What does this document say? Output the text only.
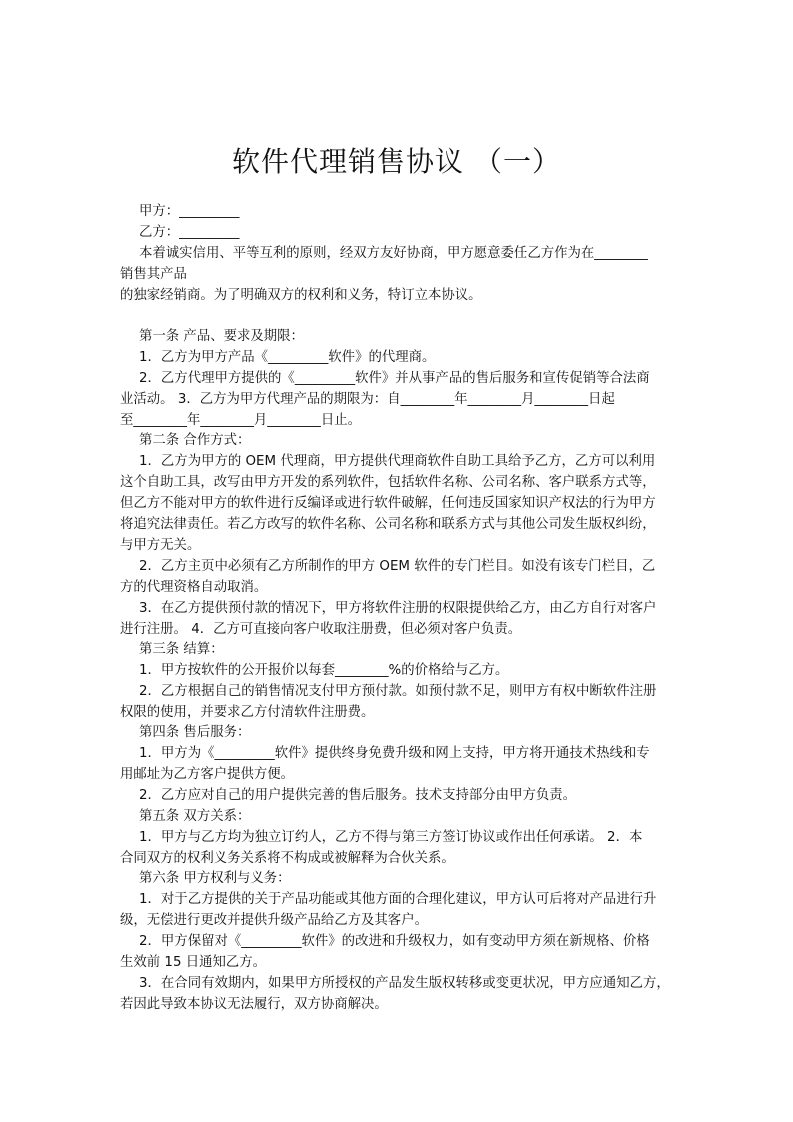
软件代理销售协议 （一）
甲方：_________
乙方：_________
本着诚实信用、平等互利的原则，经双方友好协商，甲方愿意委任乙方作为在________
销售其产品
的独家经销商。为了明确双方的权利和义务，特订立本协议。
第一条 产品、要求及期限：
1．乙方为甲方产品《_________软件》的代理商。
2．乙方代理甲方提供的《_________软件》并从事产品的售后服务和宣传促销等合法商
业活动。 3．乙方为甲方代理产品的期限为：自________年________月________日起
至________年________月________日止。
第二条 合作方式：
1．乙方为甲方的 OEM 代理商，甲方提供代理商软件自助工具给予乙方，乙方可以利用
这个自助工具，改写由甲方开发的系列软件，包括软件名称、公司名称、客户联系方式等，
但乙方不能对甲方的软件进行反编译或进行软件破解，任何违反国家知识产权法的行为甲方
将追究法律责任。若乙方改写的软件名称、公司名称和联系方式与其他公司发生版权纠纷，
与甲方无关。
2．乙方主页中必须有乙方所制作的甲方 OEM 软件的专门栏目。如没有该专门栏目，乙
方的代理资格自动取消。
3．在乙方提供预付款的情况下，甲方将软件注册的权限提供给乙方，由乙方自行对客户
进行注册。 4．乙方可直接向客户收取注册费，但必须对客户负责。
第三条 结算：
1．甲方按软件的公开报价以每套________%的价格给与乙方。
2．乙方根据自己的销售情况支付甲方预付款。如预付款不足，则甲方有权中断软件注册
权限的使用，并要求乙方付清软件注册费。
第四条 售后服务：
1．甲方为《_________软件》提供终身免费升级和网上支持，甲方将开通技术热线和专
用邮址为乙方客户提供方便。
2．乙方应对自己的用户提供完善的售后服务。技术支持部分由甲方负责。
第五条 双方关系：
1．甲方与乙方均为独立订约人，乙方不得与第三方签订协议或作出任何承诺。 2．本
合同双方的权利义务关系将不构成或被解释为合伙关系。
第六条 甲方权利与义务：
1．对于乙方提供的关于产品功能或其他方面的合理化建议，甲方认可后将对产品进行升
级，无偿进行更改并提供升级产品给乙方及其客户。
2．甲方保留对《_________软件》的改进和升级权力，如有变动甲方须在新规格、价格
生效前 15 日通知乙方。
3．在合同有效期内，如果甲方所授权的产品发生版权转移或变更状况，甲方应通知乙方，
若因此导致本协议无法履行，双方协商解决。
